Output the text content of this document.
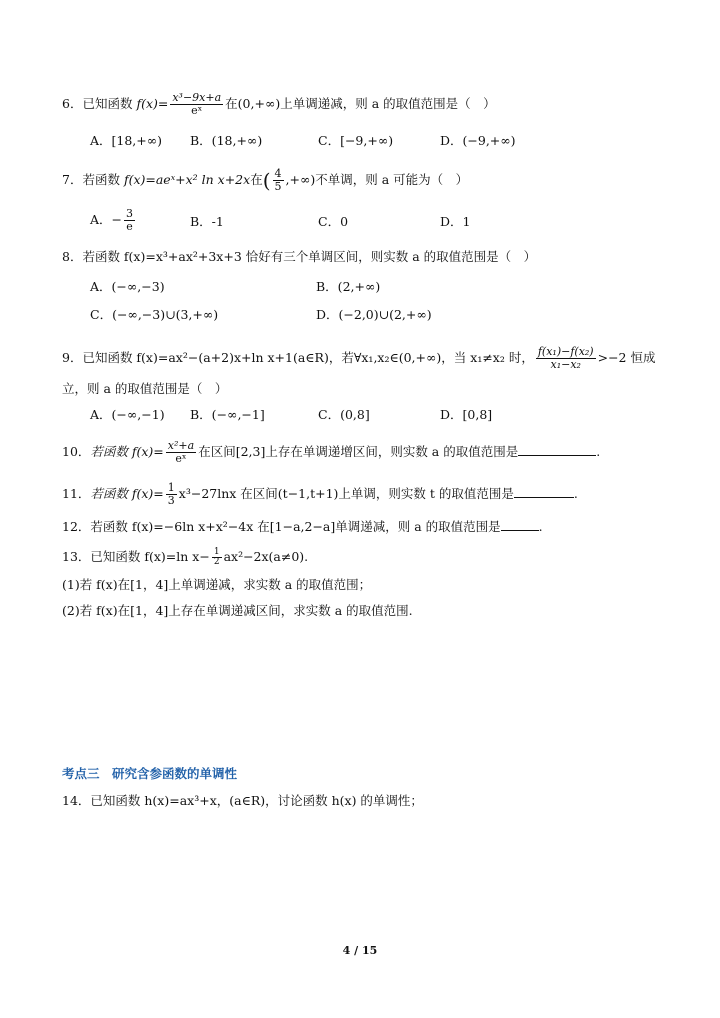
6．已知函数 $f(x)= \frac{\text{x³−9x+a}}{\text{eˣ}}$ 在(0,+∞)上单调递减，则 a 的取值范围是（　）
A．[18,+∞) B．(18,+∞)	C．[−9,+∞)	D．(−9,+∞)
7．若函数 f(x)=aeˣ+x² ln x+2x在( $\frac{4}{5}$ ,+∞)不单调，则 a 可能为（　）
A．− $\frac{3}{e}$	B．-1	C．0	D．1
8．若函数 f(x)=x³+ax²+3x+3 恰好有三个单调区间，则实数 a 的取值范围是（　）
A．(−∞,−3)	B．(2,+∞)
C．(−∞,−3)∪(3,+∞)	D．(−2,0)∪(2,+∞)
9．已知函数 f(x)=ax²−(a+2)x+ln x+1(a∈R)，若∀x₁,x₂∈(0,+∞)，当 x₁≠x₂ 时， $\frac{\text{f(x₁)−f(x₂)}}{\text{x₁−x₂}} >-2$ 恒成
立，则 a 的取值范围是（　）
A．(−∞,−1) B．(−∞,−1]	C．(0,8]	D．[0,8]
10．若函数 $f(x)= \frac{\text{x²+a}}{\text{eˣ}}$ 在区间[2,3]上存在单调递增区间，则实数 a 的取值范围是	.
11．若函数 $f(x)= \frac{1}{3} x^3-27\ln x$ 在区间(t−1,t+1)上单调，则实数 t 的取值范围是	.
12．若函数 f(x)=−6ln x+x²−4x 在[1−a,2−a]单调递减，则 a 的取值范围是	.
13．已知函数 f(x)=ln $x- \frac{1}{2} ax^2-2x(a\ne 0)$.
(1)若 f(x)在[1，4]上单调递减，求实数 a 的取值范围；
(2)若 f(x)在[1，4]上存在单调递减区间，求实数 a 的取值范围.
考点三　研究含参函数的单调性
14．已知函数 h(x)=ax³+x，(a∈R)，讨论函数 h(x) 的单调性；
4 / 15
